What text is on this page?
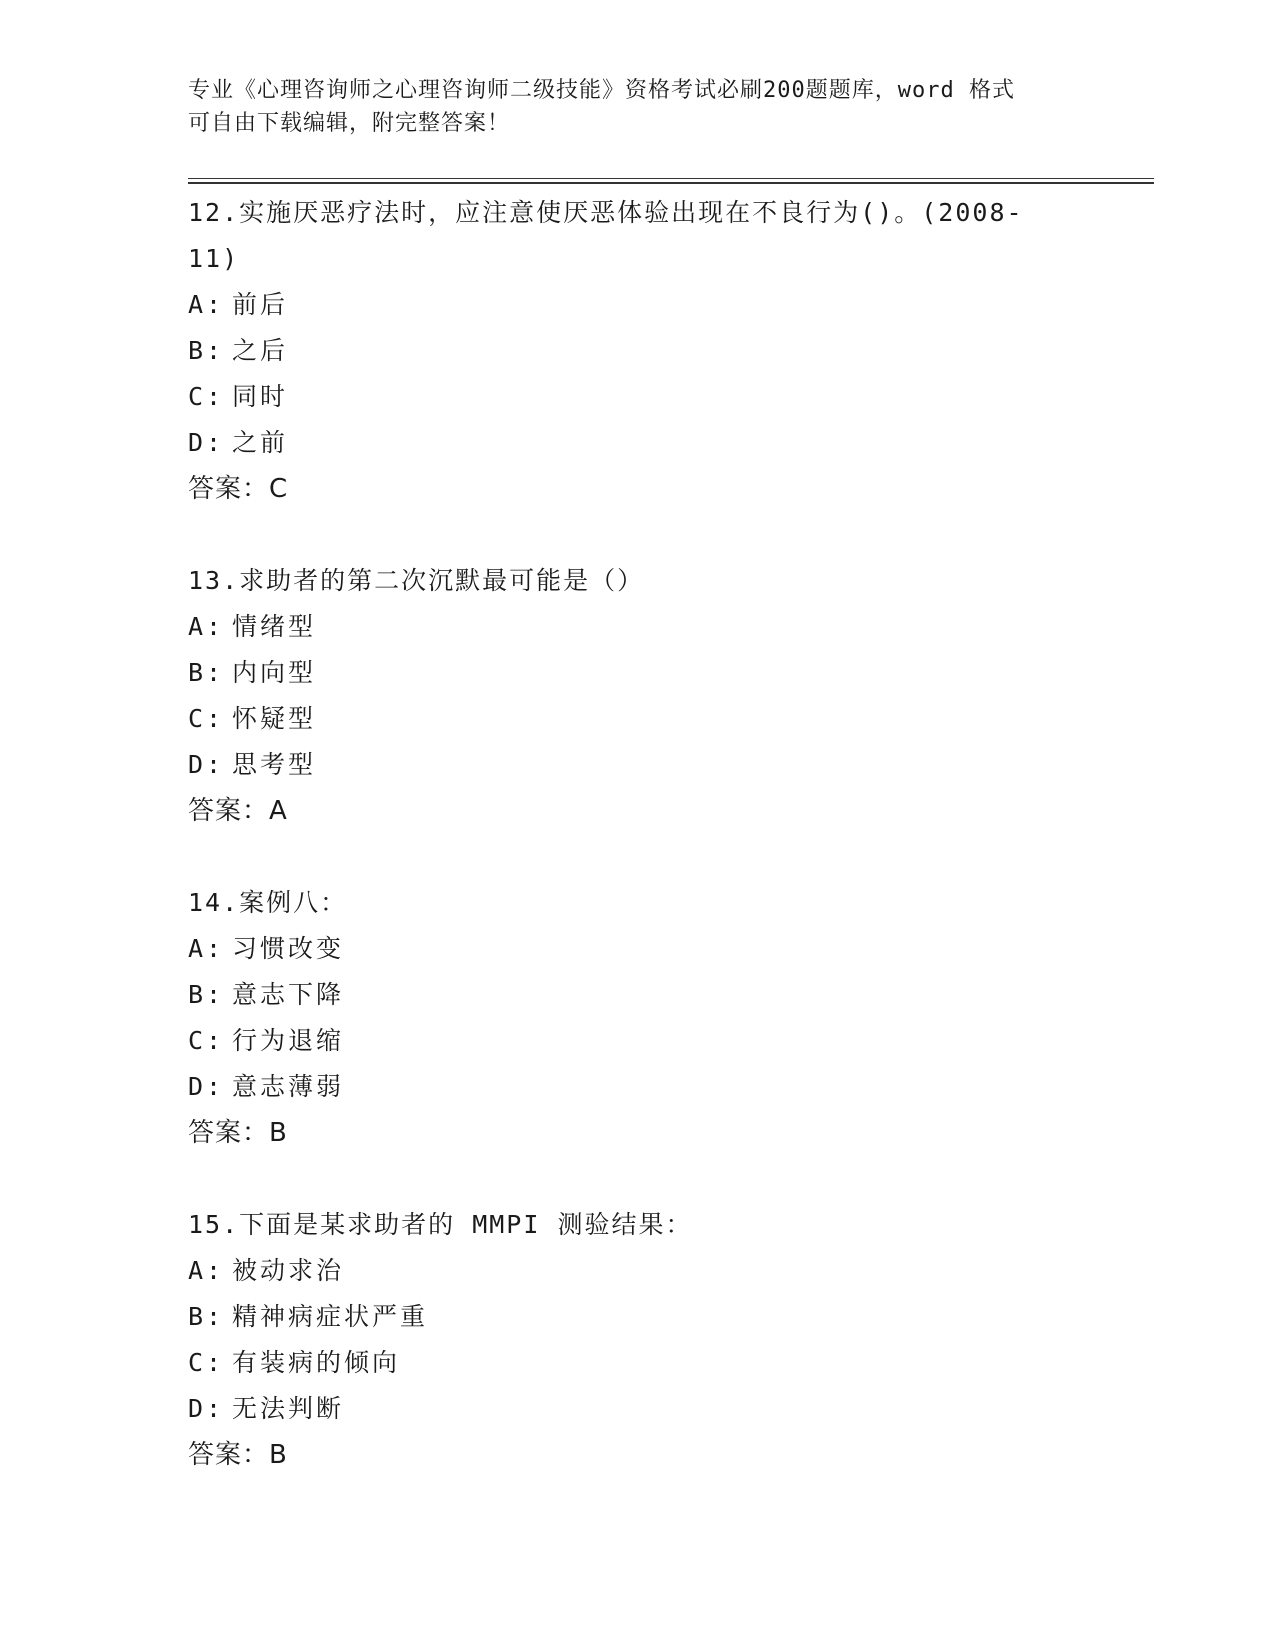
专业《心理咨询师之心理咨询师二级技能》资格考试必刷200题题库，word 格式
可自由下载编辑，附完整答案！

12.实施厌恶疗法时，应注意使厌恶体验出现在不良行为()。(2008-11)

A: 前后
B: 之后
C: 同时
D: 之前
答案：C

13.求助者的第二次沉默最可能是（）

A: 情绪型
B: 内向型
C: 怀疑型
D: 思考型
答案：A

14.案例八：

A: 习惯改变
B: 意志下降
C: 行为退缩
D: 意志薄弱
答案：B

15.下面是某求助者的 MMPI 测验结果：

A: 被动求治
B: 精神病症状严重
C: 有装病的倾向
D: 无法判断
答案：B
